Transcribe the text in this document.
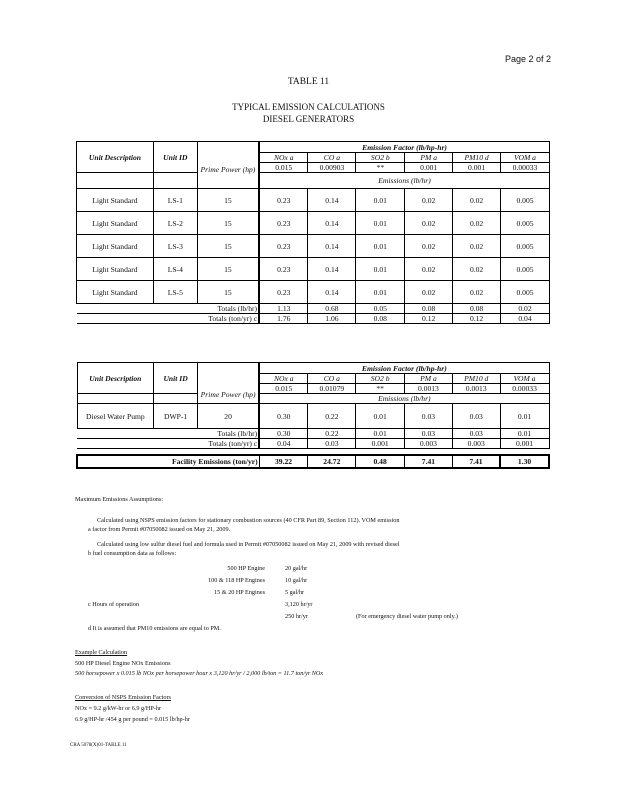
Page 2 of 2
TABLE 11
TYPICAL EMISSION CALCULATIONS
DIESEL GENERATORS
Unit Description	Unit ID	Prime Power (hp)	Emission Factor (lb/hp-hr)					
			NOx a	CO a	SO2 b	PM a	PM10 d	VOM a
			0.015	0.00903	**	0.001	0.001	0.00033
			Emissions (lb/hr)					
Light Standard	LS-1	15	0.23	0.14	0.01	0.02	0.02	0.005
Light Standard	LS-2	15	0.23	0.14	0.01	0.02	0.02	0.005
Light Standard	LS-3	15	0.23	0.14	0.01	0.02	0.02	0.005
Light Standard	LS-4	15	0.23	0.14	0.01	0.02	0.02	0.005
Light Standard	LS-5	15	0.23	0.14	0.01	0.02	0.02	0.005
Totals (lb/hr)			1.13	0.68	0.05	0.08	0.08	0.02
Totals (ton/yr) c			1.76	1.06	0.08	0.12	0.12	0.04
Unit Description	Unit ID	Prime Power (hp)	Emission Factor (lb/hp-hr)					
			NOx a	CO a	SO2 b	PM a	PM10 d	VOM a
			0.015	0.01079	**	0.0013	0.0013	0.00033
			Emissions (lb/hr)					
Diesel Water Pump	DWP-1	20	0.30	0.22	0.01	0.03	0.03	0.01
Totals (lb/hr)			0.30	0.22	0.01	0.03	0.03	0.01
Totals (ton/yr) c			0.04	0.03	0.001	0.003	0.003	0.001

Facility Emissions (ton/yr)			39.22	24.72	0.48	7.41	7.41	1.30
Maximum Emissions Assumptions:

Calculated using NSPS emission factors for stationary combustion sources (40 CFR Part 89, Section 112). VOM emission

a factor from Permit #07050082 issued on May 21, 2009.

Calculated using low sulfur diesel fuel and formula used in Permit #07050082 issued on May 21, 2009 with revised diesel

b fuel consumption data as follows:

500 HP Engine	20 gal/hr
100 & 118 HP Engines	10 gal/hr
15 & 20 HP Engines	5 gal/hr
c Hours of operation	3,120 hr/yr
250 hr/yr	(For emergency diesel water pump only.)
d It is assumed that PM10 emissions are equal to PM.
Example Calculation
500 HP Diesel Engine NOx Emissions
500 horsepower x 0.015 lb NOx per horsepower hour x 3,120 hr/yr / 2,000 lb/ton = 11.7 ton/yr NOx
Conversion of NSPS Emission Factors
NOx = 9.2 g/kW-hr or 6.9 g/HP-hr
6.9 g/HP-hr /454 g per pound = 0.015 lb/hp-hr
CRA 5078(X)01-TABLE 11
